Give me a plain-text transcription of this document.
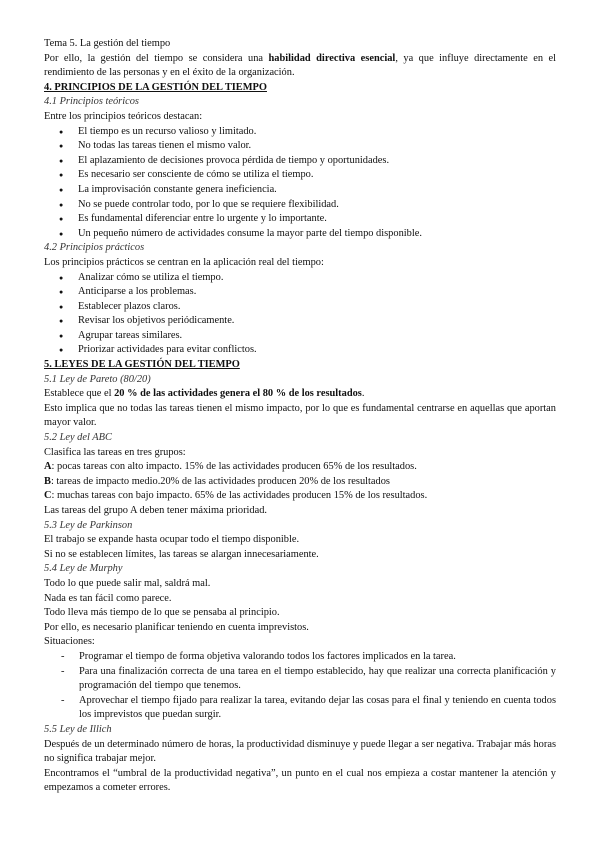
Tema 5. La gestión del tiempo

Por ello, la gestión del tiempo se considera una habilidad directiva esencial, ya que influye directamente en el rendimiento de las personas y en el éxito de la organización.

4. PRINCIPIOS DE LA GESTIÓN DEL TIEMPO

4.1 Principios teóricos

Entre los principios teóricos destacan:

● El tiempo es un recurso valioso y limitado.
● No todas las tareas tienen el mismo valor.
● El aplazamiento de decisiones provoca pérdida de tiempo y oportunidades.
● Es necesario ser consciente de cómo se utiliza el tiempo.
● La improvisación constante genera ineficiencia.
● No se puede controlar todo, por lo que se requiere flexibilidad.
● Es fundamental diferenciar entre lo urgente y lo importante.
● Un pequeño número de actividades consume la mayor parte del tiempo disponible.

4.2 Principios prácticos

Los principios prácticos se centran en la aplicación real del tiempo:

● Analizar cómo se utiliza el tiempo.
● Anticiparse a los problemas.
● Establecer plazos claros.
● Revisar los objetivos periódicamente.
● Agrupar tareas similares.
● Priorizar actividades para evitar conflictos.

5. LEYES DE LA GESTIÓN DEL TIEMPO

5.1 Ley de Pareto (80/20)

Establece que el 20 % de las actividades genera el 80 % de los resultados.

Esto implica que no todas las tareas tienen el mismo impacto, por lo que es fundamental centrarse en aquellas que aportan mayor valor.

5.2 Ley del ABC

Clasifica las tareas en tres grupos:

A: pocas tareas con alto impacto. 15% de las actividades producen 65% de los resultados.

B: tareas de impacto medio.20% de las actividades producen 20% de los resultados

C: muchas tareas con bajo impacto. 65% de las actividades producen 15% de los resultados.

Las tareas del grupo A deben tener máxima prioridad.

5.3 Ley de Parkinson

El trabajo se expande hasta ocupar todo el tiempo disponible.

Si no se establecen límites, las tareas se alargan innecesariamente.

5.4 Ley de Murphy

Todo lo que puede salir mal, saldrá mal.

Nada es tan fácil como parece.

Todo lleva más tiempo de lo que se pensaba al principio.

Por ello, es necesario planificar teniendo en cuenta imprevistos.

Situaciones:

- Programar el tiempo de forma objetiva valorando todos los factores implicados en la tarea.
- Para una finalización correcta de una tarea en el tiempo establecido, hay que realizar una correcta planificación y programación del tiempo que tenemos.
- Aprovechar el tiempo fijado para realizar la tarea, evitando dejar las cosas para el final y teniendo en cuenta todos los imprevistos que puedan surgir.

5.5 Ley de Illich

Después de un determinado número de horas, la productividad disminuye y puede llegar a ser negativa. Trabajar más horas no significa trabajar mejor.

Encontramos el “umbral de la productividad negativa”, un punto en el cual nos empieza a costar mantener la atención y empezamos a cometer errores.
